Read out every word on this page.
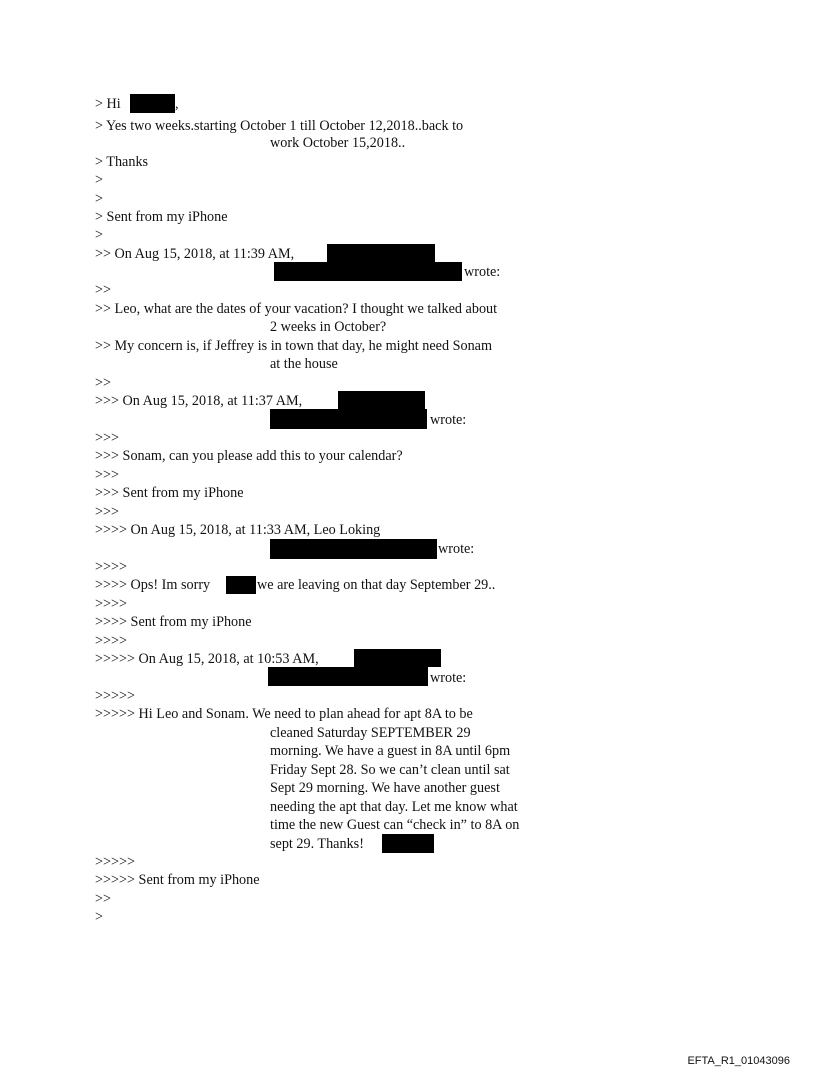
> Hi	,
> Yes two weeks.starting October 1 till October 12,2018..back to
work October 15,2018..
> Thanks
>
>
> Sent from my iPhone
>
>> On Aug 15, 2018, at 11:39 AM,
wrote:
>>
>> Leo, what are the dates of your vacation? I thought we talked about
2 weeks in October?
>> My concern is, if Jeffrey is in town that day, he might need Sonam
at the house
>>
>>> On Aug 15, 2018, at 11:37 AM,
wrote:
>>>
>>> Sonam, can you please add this to your calendar?
>>>
>>> Sent from my iPhone
>>>
>>>> On Aug 15, 2018, at 11:33 AM, Leo Loking
wrote:
>>>>
>>>> Ops! Im sorry	we are leaving on that day September 29..
>>>>
>>>> Sent from my iPhone
>>>>
>>>>> On Aug 15, 2018, at 10:53 AM,
wrote:
>>>>>
>>>>> Hi Leo and Sonam. We need to plan ahead for apt 8A to be
cleaned Saturday SEPTEMBER 29
morning. We have a guest in 8A until 6pm
Friday Sept 28. So we can’t clean until sat
Sept 29 morning. We have another guest
needing the apt that day. Let me know what
time the new Guest can “check in” to 8A on
sept 29. Thanks!
>>>>>
>>>>> Sent from my iPhone
>>
>
EFTA_R1_01043096
